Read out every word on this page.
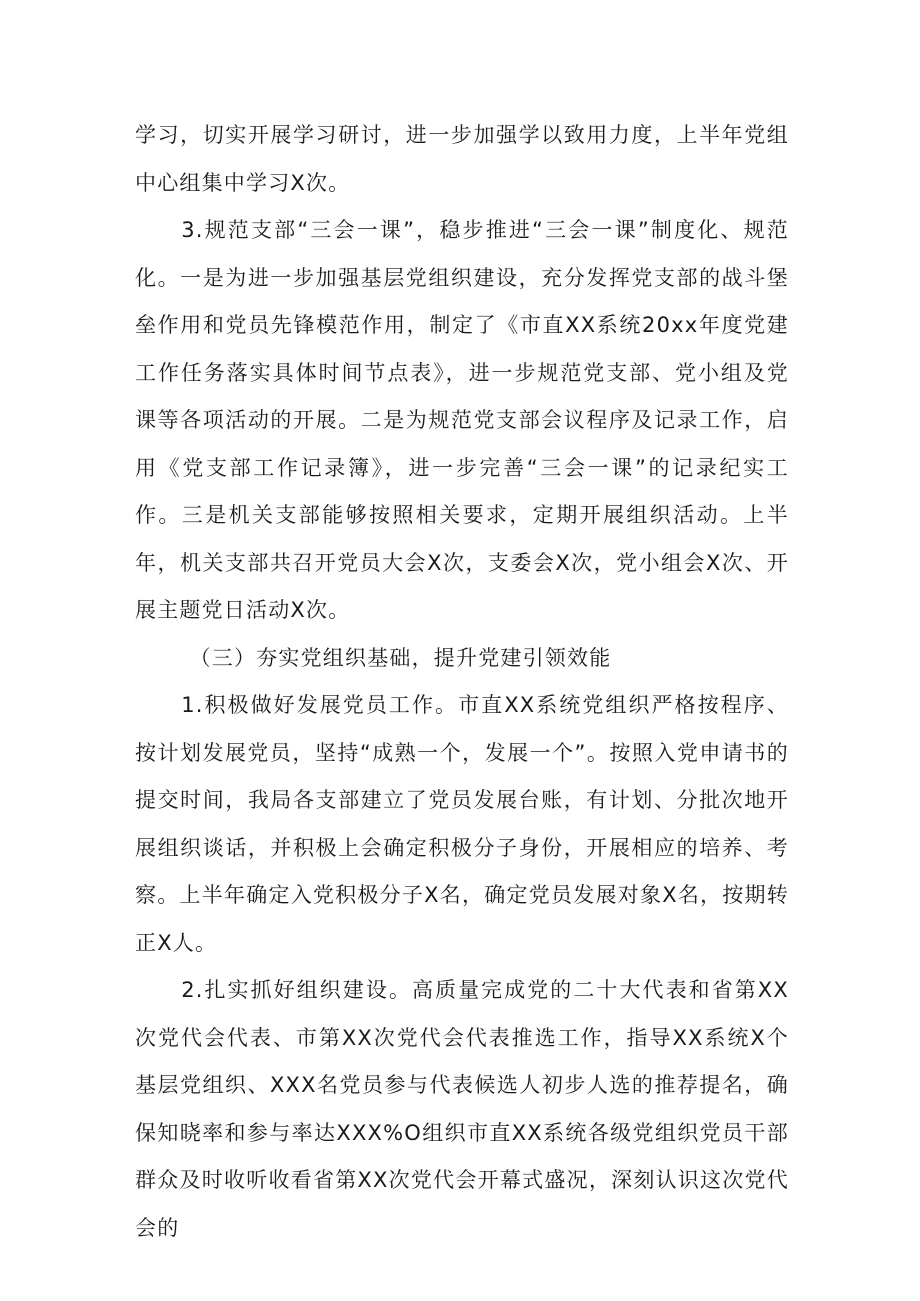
学习，切实开展学习研讨，进一步加强学以致用力度，上半年党组中心组集中学习X次。

3.规范支部“三会一课”，稳步推进“三会一课”制度化、规范化。一是为进一步加强基层党组织建设，充分发挥党支部的战斗堡垒作用和党员先锋模范作用，制定了《市直XX系统20xx年度党建工作任务落实具体时间节点表》，进一步规范党支部、党小组及党课等各项活动的开展。二是为规范党支部会议程序及记录工作，启用《党支部工作记录簿》，进一步完善“三会一课”的记录纪实工作。三是机关支部能够按照相关要求，定期开展组织活动。上半年，机关支部共召开党员大会X次，支委会X次，党小组会X次、开展主题党日活动X次。

（三）夯实党组织基础，提升党建引领效能

1.积极做好发展党员工作。市直XX系统党组织严格按程序、按计划发展党员，坚持“成熟一个，发展一个”。按照入党申请书的提交时间，我局各支部建立了党员发展台账，有计划、分批次地开展组织谈话，并积极上会确定积极分子身份，开展相应的培养、考察。上半年确定入党积极分子X名，确定党员发展对象X名，按期转正X人。

2.扎实抓好组织建设。高质量完成党的二十大代表和省第XX次党代会代表、市第XX次党代会代表推选工作，指导XX系统X个基层党组织、XXX名党员参与代表候选人初步人选的推荐提名，确保知晓率和参与率达XXX%O组织市直XX系统各级党组织党员干部群众及时收听收看省第XX次党代会开幕式盛况，深刻认识这次党代会的
